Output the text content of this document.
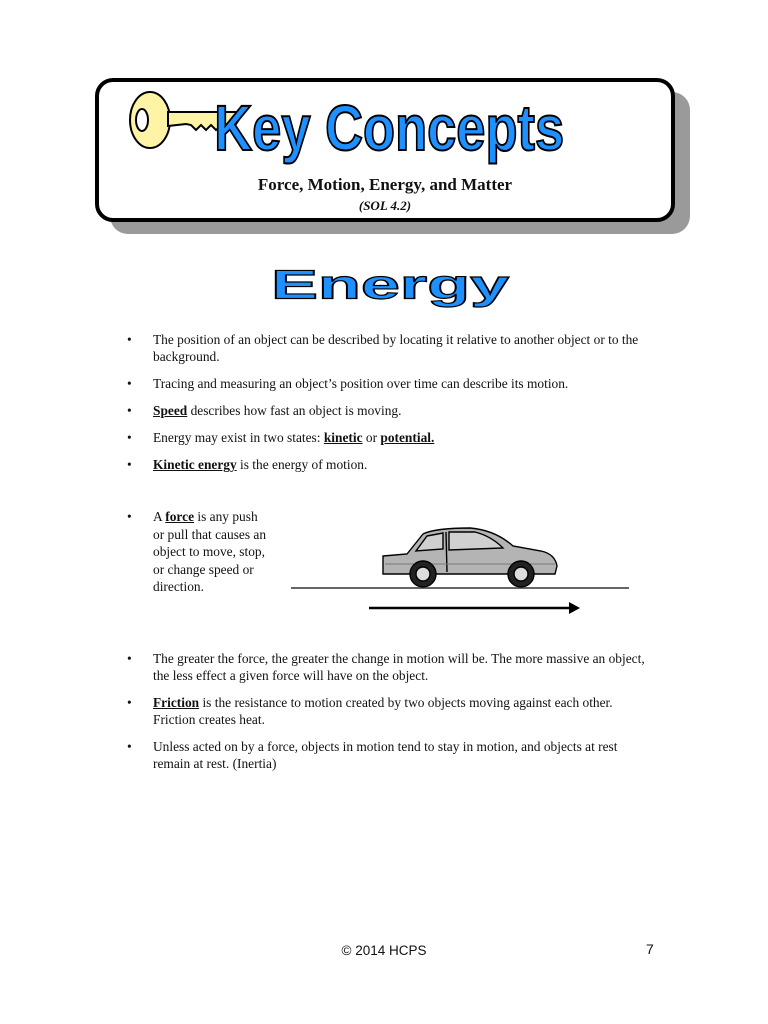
Key Concepts
Force, Motion, Energy, and Matter
(SOL 4.2)
Energy
• The position of an object can be described by locating it relative to another object or to the background.
• Tracing and measuring an object’s position over time can describe its motion.
• Speed describes how fast an object is moving.
• Energy may exist in two states: kinetic or potential.
• Kinetic energy is the energy of motion.
• A force is any push or pull that causes an object to move, stop, or change speed or direction.
• The greater the force, the greater the change in motion will be. The more massive an object, the less effect a given force will have on the object.
• Friction is the resistance to motion created by two objects moving against each other. Friction creates heat.
• Unless acted on by a force, objects in motion tend to stay in motion, and objects at rest remain at rest. (Inertia)
© 2014 HCPS	7
